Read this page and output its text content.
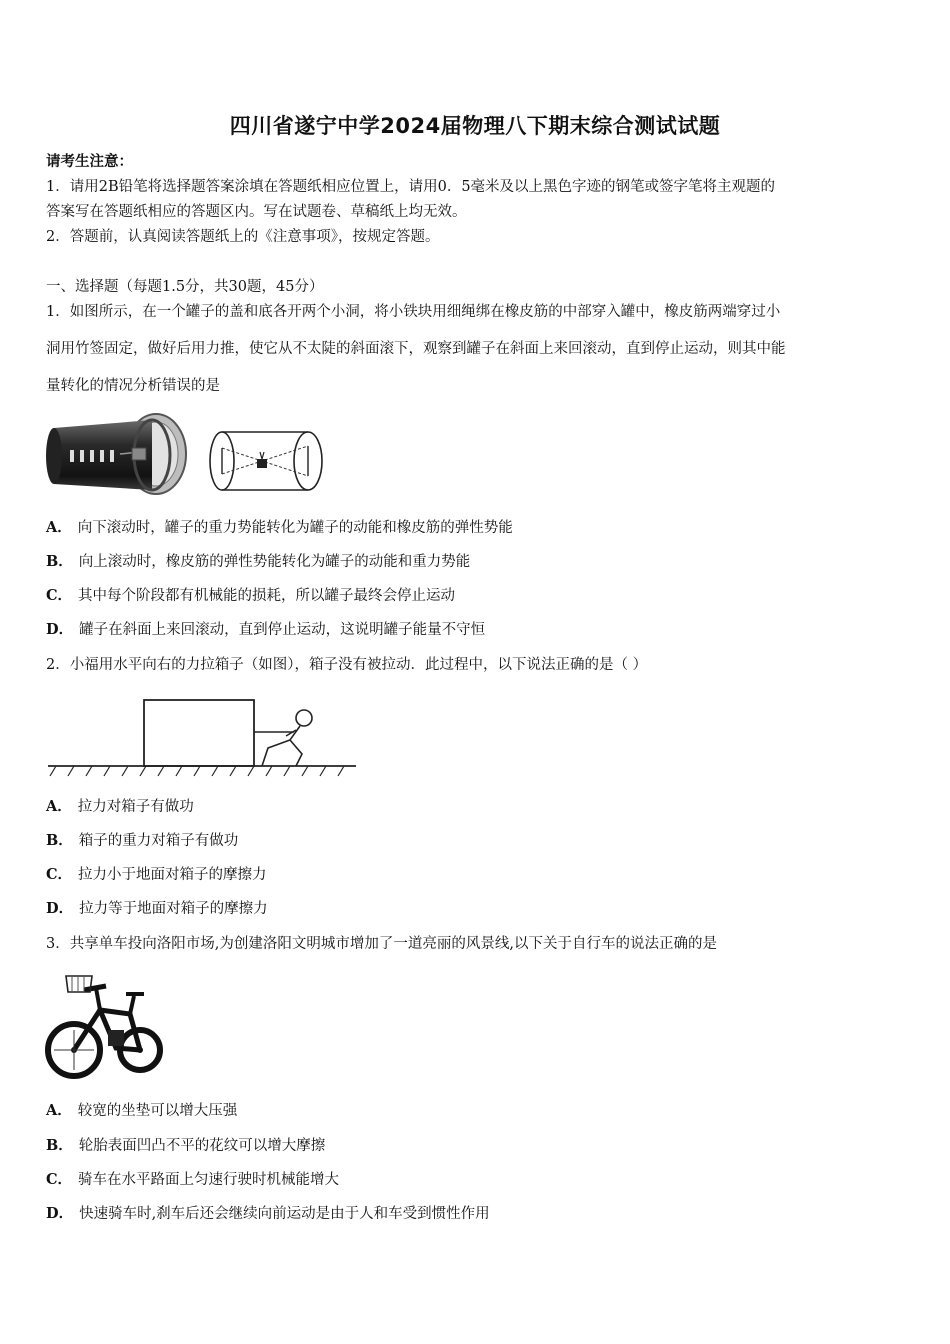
四川省遂宁中学2024届物理八下期末综合测试试题
请考生注意：
1．请用2B铅笔将选择题答案涂填在答题纸相应位置上，请用0．5毫米及以上黑色字迹的钢笔或签字笔将主观题的
答案写在答题纸相应的答题区内。写在试题卷、草稿纸上均无效。
2．答题前，认真阅读答题纸上的《注意事项》，按规定答题。
一、选择题（每题1.5分，共30题，45分）
1．如图所示，在一个罐子的盖和底各开两个小洞，将小铁块用细绳绑在橡皮筋的中部穿入罐中，橡皮筋两端穿过小
洞用竹签固定，做好后用力推，使它从不太陡的斜面滚下，观察到罐子在斜面上来回滚动，直到停止运动，则其中能
量转化的情况分析错误的是
A． 向下滚动时，罐子的重力势能转化为罐子的动能和橡皮筋的弹性势能
B． 向上滚动时，橡皮筋的弹性势能转化为罐子的动能和重力势能
C． 其中每个阶段都有机械能的损耗，所以罐子最终会停止运动
D． 罐子在斜面上来回滚动，直到停止运动，这说明罐子能量不守恒
2．小福用水平向右的力拉箱子（如图），箱子没有被拉动．此过程中，以下说法正确的是（ ）
A． 拉力对箱子有做功
B． 箱子的重力对箱子有做功
C． 拉力小于地面对箱子的摩擦力
D． 拉力等于地面对箱子的摩擦力
3．共享单车投向洛阳市场,为创建洛阳文明城市增加了一道亮丽的风景线,以下关于自行车的说法正确的是
A． 较宽的坐垫可以增大压强
B． 轮胎表面凹凸不平的花纹可以增大摩擦
C． 骑车在水平路面上匀速行驶时机械能增大
D． 快速骑车时,刹车后还会继续向前运动是由于人和车受到惯性作用
